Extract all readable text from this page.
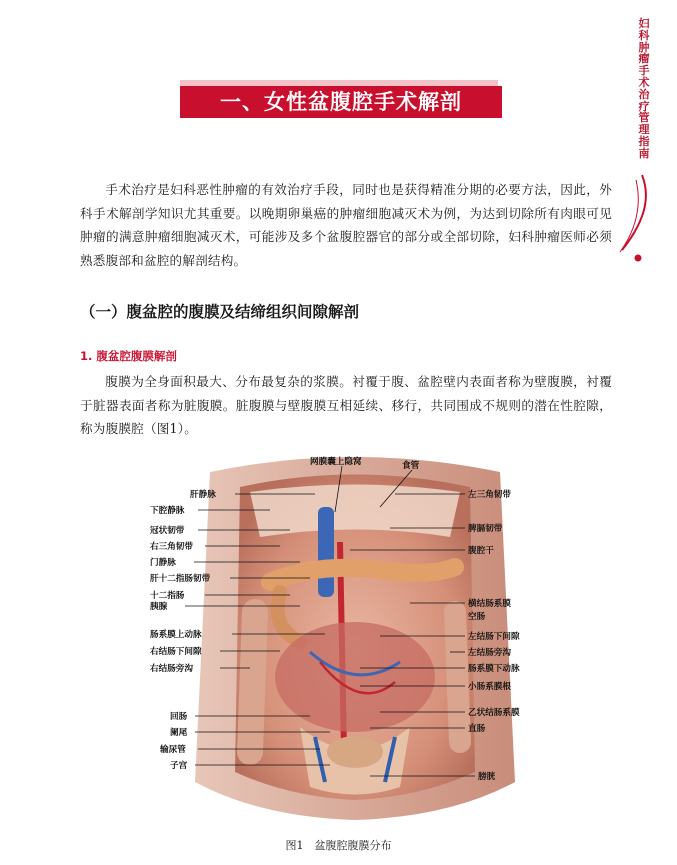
妇科肿瘤手术治疗管理指南
一、女性盆腹腔手术解剖
手术治疗是妇科恶性肿瘤的有效治疗手段，同时也是获得精准分期的必要方法，因此，外科手术解剖学知识尤其重要。以晚期卵巢癌的肿瘤细胞减灭术为例，为达到切除所有肉眼可见肿瘤的满意肿瘤细胞减灭术，可能涉及多个盆腹腔器官的部分或全部切除，妇科肿瘤医师必须熟悉腹部和盆腔的解剖结构。
（一）腹盆腔的腹膜及结缔组织间隙解剖
1. 腹盆腔腹膜解剖
腹膜为全身面积最大、分布最复杂的浆膜。衬覆于腹、盆腔壁内表面者称为壁腹膜，衬覆于脏器表面者称为脏腹膜。脏腹膜与壁腹膜互相延续、移行，共同围成不规则的潜在性腔隙，称为腹膜腔（图1）。
网膜囊上隐窝	食管
肝静脉
下腔静脉
冠状韧带
右三角韧带
门静脉
肝十二指肠韧带
十二指肠
胰腺
肠系膜上动脉
右结肠下间隙
右结肠旁沟
回肠
阑尾
输尿管
子宫
左三角韧带
脾膈韧带
腹腔干
横结肠系膜
空肠
左结肠下间隙
左结肠旁沟
肠系膜下动脉
小肠系膜根
乙状结肠系膜
直肠
膀胱
图1　盆腹腔腹膜分布
